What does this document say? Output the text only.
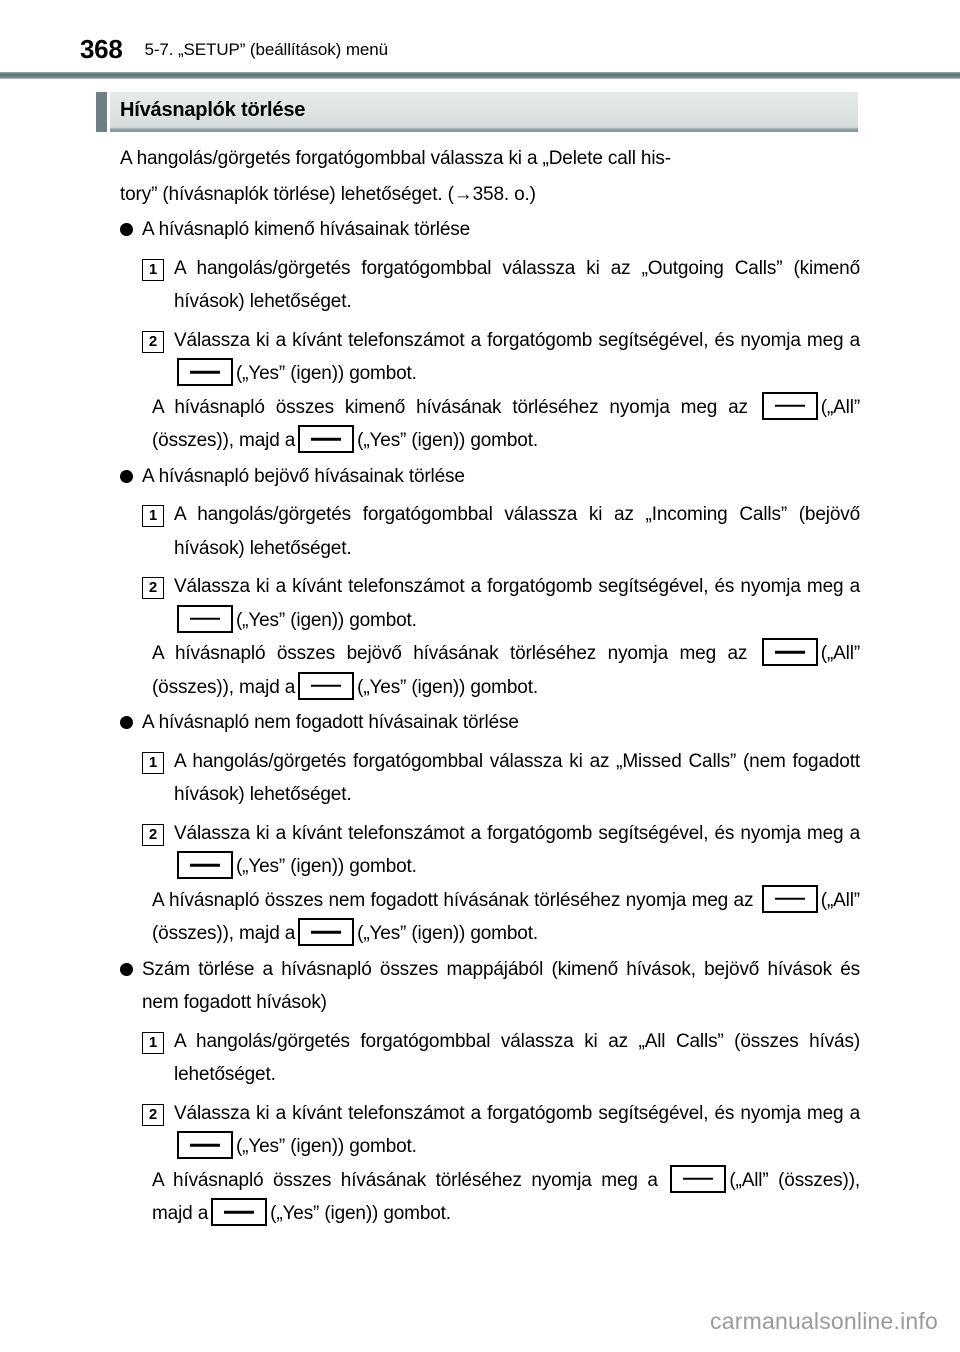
368 5-7. „SETUP” (beállítások) menü
Hívásnaplók törlése

A hangolás/görgetés forgatógombbal válassza ki a „Delete call his-

tory” (hívásnaplók törlése) lehetőséget. (→358. o.)

A hívásnapló kimenő hívásainak törlése
1 A hangolás/görgetés forgatógombbal válassza ki az „Outgoing Calls” (kimenő hívások) lehetőséget.
2 Válassza ki a kívánt telefonszámot a forgatógomb segítségével, és nyomja meg a(„Yes” (igen)) gombot.
A hívásnapló összes kimenő hívásának törléséhez nyomja meg az	(„All” (összes)), majd a	(„Yes” (igen)) gombot.
A hívásnapló bejövő hívásainak törlése
1 A hangolás/görgetés forgatógombbal válassza ki az „Incoming Calls” (bejövő hívások) lehetőséget.
2 Válassza ki a kívánt telefonszámot a forgatógomb segítségével, és nyomja meg a(„Yes” (igen)) gombot.
A hívásnapló összes bejövő hívásának törléséhez nyomja meg az	(„All” (összes)), majd a	(„Yes” (igen)) gombot.
A hívásnapló nem fogadott hívásainak törlése
1 A hangolás/görgetés forgatógombbal válassza ki az „Missed Calls” (nem fogadott hívások) lehetőséget.
2 Válassza ki a kívánt telefonszámot a forgatógomb segítségével, és nyomja meg a(„Yes” (igen)) gombot.
A hívásnapló összes nem fogadott hívásának törléséhez nyomja meg az	(„All” (összes)), majd a	(„Yes” (igen)) gombot.
Szám törlése a hívásnapló összes mappájából (kimenő hívások, bejövő hívások és nem fogadott hívások)
1 A hangolás/görgetés forgatógombbal válassza ki az „All Calls” (összes hívás) lehetőséget.
2 Válassza ki a kívánt telefonszámot a forgatógomb segítségével, és nyomja meg a(„Yes” (igen)) gombot.
A hívásnapló összes hívásának törléséhez nyomja meg a	(„All” (összes)), majd a	(„Yes” (igen)) gombot.
carmanualsonline.info
